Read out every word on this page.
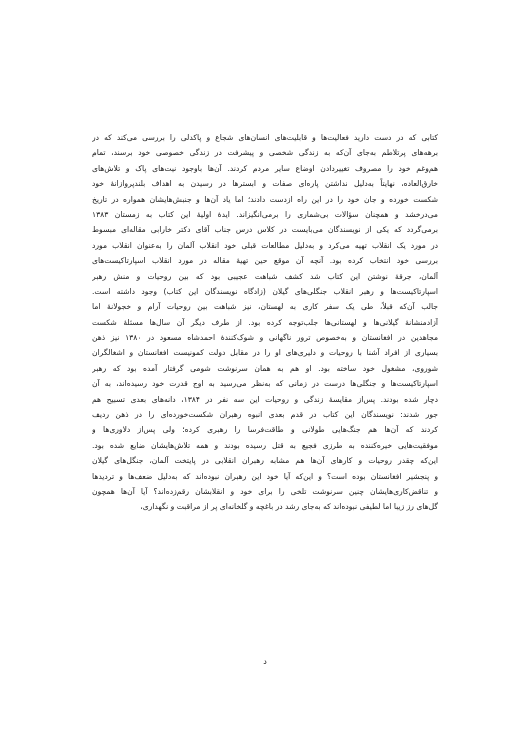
کتابی که در دست دارید فعالیت‌ها و قابلیت‌های انسان‌های شجاع و پاکدلی را بررسی می‌کند که در
برهه‌های پرتلاطم به‌جای آن‌که به زندگی شخصی و پیشرفت در زندگی خصوصی خود برسند، تمام
هم‌وغم خود را مصروف تغییردادن اوضاع سایر مردم کردند. آن‌ها باوجود نیت‌های پاک و تلاش‌های
خارق‌العاده، نهایتاً به‌دلیل نداشتن پاره‌ای صفات و ابسترها در رسیدن به اهداف بلندپروازانهٔ خود
شکست خورده و جان خود را در این راه ازدست دادند؛ اما یاد آن‌ها و جنبش‌هایشان همواره در تاریخ
می‌درخشد و همچنان سؤالات بی‌شماری را برمی‌انگیزاند. ایدهٔ اولیهٔ این کتاب به زمستان ۱۳۸۳
برمی‌گردد که یکی از نویسندگان می‌بایست در کلاس درس جناب آقای دکتر خارابی مقاله‌ای مبسوط
در مورد یک انقلاب تهیه می‌کرد و به‌دلیل مطالعات قبلی خود انقلاب آلمان را به‌عنوان انقلاب مورد
بررسی خود انتخاب کرده بود. آنچه آن موقع حین تهیهٔ مقاله در مورد انقلاب اسپارتاکیست‌های
آلمان، جرقهٔ نوشتن این کتاب شد کشف شباهت عجیبی بود که بین روحیات و منش رهبر
اسپارتاکیست‌ها و رهبر انقلاب جنگلی‌های گیلان (زادگاه نویسندگان این کتاب) وجود داشته است.
جالب آن‌که قبلاً، طی یک سفر کاری به لهستان، نیز شباهت بین روحیات آرام و خجولانهٔ اما
آزادمنشانهٔ گیلانی‌ها و لهستانی‌ها جلب‌توجه کرده بود. از طرف دیگر آن سال‌ها مسئلهٔ شکست
مجاهدین در افغانستان و به‌خصوص ترور ناگهانی و شوک‌کنندهٔ احمدشاه مسعود در ۱۳۸۰ نیز ذهن
بسیاری از افراد آشنا با روحیات و دلیری‌های او را در مقابل دولت کمونیست افغانستان و اشغالگران
شوروی، مشغول خود ساخته بود. او هم به همان سرنوشت شومی گرفتار آمده بود که رهبر
اسپارتاکیست‌ها و جنگلی‌ها درست در زمانی که به‌نظر می‌رسید به اوج قدرت خود رسیده‌اند، به آن
دچار شده بودند. پس‌از مقایسهٔ زندگی و روحیات این سه نفر در ۱۳۸۴، دانه‌های بعدی تسبیح هم
جور شدند: نویسندگان این کتاب در قدم بعدی انبوه رهبران شکست‌خورده‌ای را در ذهن ردیف
کردند که آن‌ها هم جنگ‌هایی طولانی و طاقت‌فرسا را رهبری کرده؛ ولی پس‌از دلاوری‌ها و
موفقیت‌هایی خیره‌کننده به طرزی فجیع به قتل رسیده بودند و همه تلاش‌هایشان ضایع شده بود.
این‌که چقدر روحیات و کارهای آن‌ها هم مشابه رهبران انقلابی در پایتخت آلمان، جنگل‌های گیلان
و پنجشیر افغانستان بوده است؟ و این‌که آیا خود این رهبران نبوده‌اند که به‌دلیل ضعف‌ها و تردیدها
و تناقض‌کاری‌هایشان چنین سرنوشت تلخی را برای خود و انقلابشان رقم‌زده‌اند؟ آیا آن‌ها همچون
گل‌های رز زیبا اما لطیفی نبوده‌اند که به‌جای رشد در باغچه و گلخانه‌ای پر از مراقبت و نگهداری،
د
